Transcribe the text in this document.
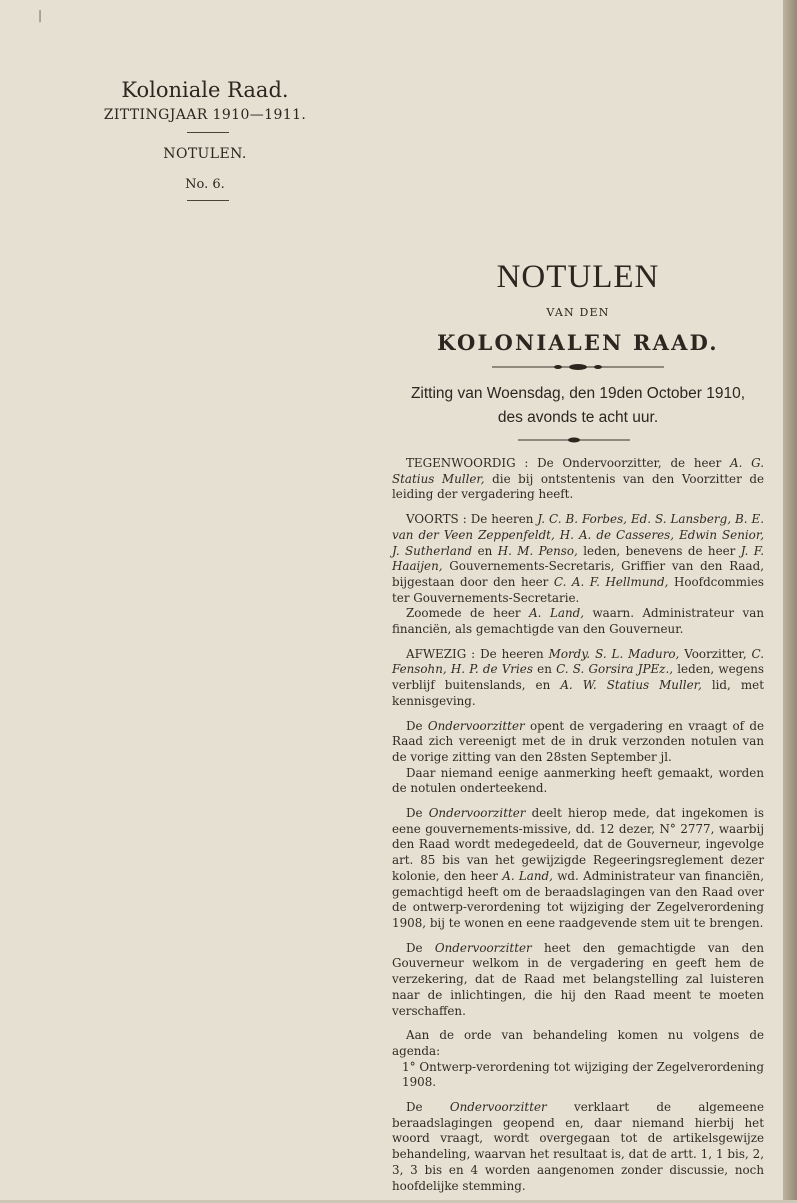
|
Koloniale Raad.
ZITTINGJAAR 1910—1911.
NOTULEN.
No. 6.
NOTULEN
VAN DEN
KOLONIALEN RAAD.
Zitting van Woensdag, den 19den October 1910,
des avonds te acht uur.

TEGENWOORDIG : De Ondervoorzitter, de heer A. G. Statius Muller, die bij ontstentenis van den Voorzitter de leiding der vergadering heeft.

VOORTS : De heeren J. C. B. Forbes, Ed. S. Lansberg, B. E. van der Veen Zeppenfeldt, H. A. de Casseres, Edwin Senior, J. Sutherland en H. M. Penso, leden, benevens de heer J. F. Haaijen, Gouvernements-Secretaris, Griffier van den Raad, bijgestaan door den heer C. A. F. Hellmund, Hoofdcommies ter Gouvernements-Secretarie.

Zoomede de heer A. Land, waarn. Administrateur van financiën, als gemachtigde van den Gouverneur.

AFWEZIG : De heeren Mordy. S. L. Maduro, Voorzitter, C. Fensohn, H. P. de Vries en C. S. Gorsira JPEz., leden, wegens verblijf buitenslands, en A. W. Statius Muller, lid, met kennisgeving.

De Ondervoorzitter opent de vergadering en vraagt of de Raad zich vereenigt met de in druk verzonden notulen van de vorige zitting van den 28sten September jl.

Daar niemand eenige aanmerking heeft gemaakt, worden de notulen onderteekend.

De Ondervoorzitter deelt hierop mede, dat ingekomen is eene gouvernements-missive, dd. 12 dezer, N° 2777, waarbij den Raad wordt medegedeeld, dat de Gouverneur, ingevolge art. 85 bis van het gewijzigde Regeeringsreglement dezer kolonie, den heer A. Land, wd. Administrateur van financiën, gemachtigd heeft om de beraadslagingen van den Raad over de ontwerp-verordening tot wijziging der Zegelverordening 1908, bij te wonen en eene raadgevende stem uit te brengen.

De Ondervoorzitter heet den gemachtigde van den Gouverneur welkom in de vergadering en geeft hem de verzekering, dat de Raad met belangstelling zal luisteren naar de inlichtingen, die hij den Raad meent te moeten verschaffen.

Aan de orde van behandeling komen nu volgens de agenda:

1° Ontwerp-verordening tot wijziging der Zegelverordening 1908.

De Ondervoorzitter verklaart de algemeene beraadslagingen geopend en, daar niemand hierbij het woord vraagt, wordt overgegaan tot de artikelsgewijze behandeling, waarvan het resultaat is, dat de artt. 1, 1 bis, 2, 3, 3 bis en 4 worden aangenomen zonder discussie, noch hoofdelijke stemming.
